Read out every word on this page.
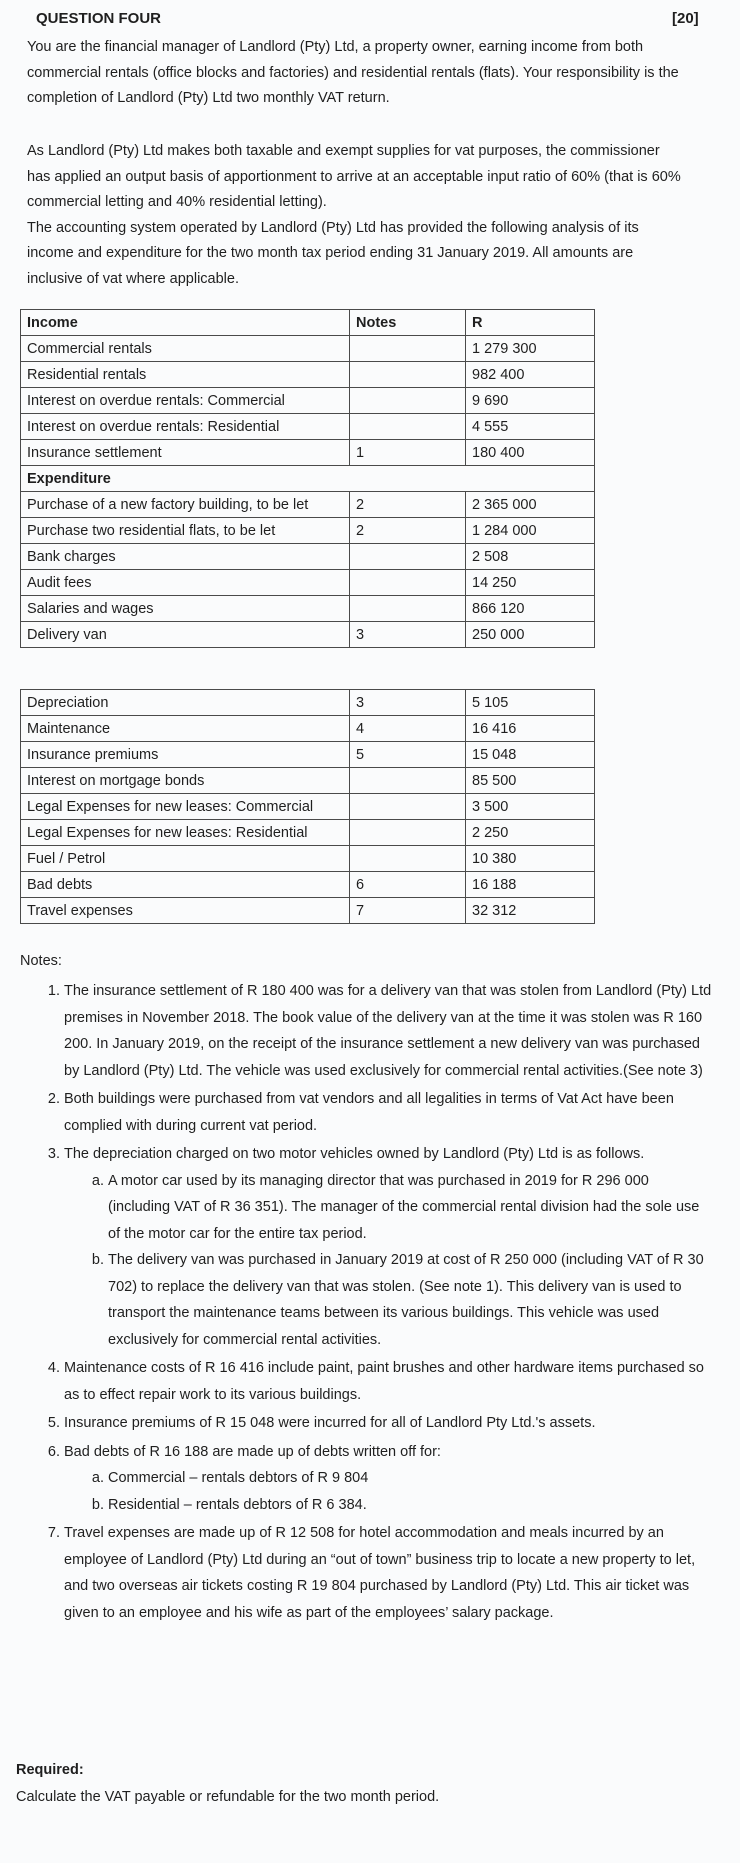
QUESTION FOUR	[20]
You are the financial manager of Landlord (Pty) Ltd, a property owner, earning income from both commercial rentals (office blocks and factories) and residential rentals (flats). Your responsibility is the completion of Landlord (Pty) Ltd two monthly VAT return.
As Landlord (Pty) Ltd makes both taxable and exempt supplies for vat purposes, the commissioner has applied an output basis of apportionment to arrive at an acceptable input ratio of 60% (that is 60% commercial letting and 40% residential letting).
The accounting system operated by Landlord (Pty) Ltd has provided the following analysis of its income and expenditure for the two month tax period ending 31 January 2019. All amounts are inclusive of vat where applicable.
Income	Notes	R
Commercial rentals		1 279 300
Residential rentals		982 400
Interest on overdue rentals: Commercial		9 690
Interest on overdue rentals: Residential		4 555
Insurance settlement	1	180 400
Expenditure		
Purchase of a new factory building, to be let	2	2 365 000
Purchase two residential flats, to be let	2	1 284 000
Bank charges		2 508
Audit fees		14 250
Salaries and wages		866 120
Delivery van	3	250 000
Depreciation	3	5 105
Maintenance	4	16 416
Insurance premiums	5	15 048
Interest on mortgage bonds		85 500
Legal Expenses for new leases: Commercial		3 500
Legal Expenses for new leases: Residential		2 250
Fuel / Petrol		10 380
Bad debts	6	16 188
Travel expenses	7	32 312
Notes:
1. The insurance settlement of R 180 400 was for a delivery van that was stolen from Landlord (Pty) Ltd premises in November 2018. The book value of the delivery van at the time it was stolen was R 160 200. In January 2019, on the receipt of the insurance settlement a new delivery van was purchased by Landlord (Pty) Ltd. The vehicle was used exclusively for commercial rental activities.(See note 3)
2. Both buildings were purchased from vat vendors and all legalities in terms of Vat Act have been complied with during current vat period.
3. The depreciation charged on two motor vehicles owned by Landlord (Pty) Ltd is as follows.
a. A motor car used by its managing director that was purchased in 2019 for R 296 000 (including VAT of R 36 351). The manager of the commercial rental division had the sole use of the motor car for the entire tax period.
b. The delivery van was purchased in January 2019 at cost of R 250 000 (including VAT of R 30 702) to replace the delivery van that was stolen. (See note 1). This delivery van is used to transport the maintenance teams between its various buildings. This vehicle was used exclusively for commercial rental activities.
4. Maintenance costs of R 16 416 include paint, paint brushes and other hardware items purchased so as to effect repair work to its various buildings.
5. Insurance premiums of R 15 048 were incurred for all of Landlord Pty Ltd.'s assets.
6. Bad debts of R 16 188 are made up of debts written off for:
a. Commercial – rentals debtors of R 9 804
b. Residential – rentals debtors of R 6 384.
7. Travel expenses are made up of R 12 508 for hotel accommodation and meals incurred by an employee of Landlord (Pty) Ltd during an “out of town” business trip to locate a new property to let, and two overseas air tickets costing R 19 804 purchased by Landlord (Pty) Ltd. This air ticket was given to an employee and his wife as part of the employees’ salary package.
Required:
Calculate the VAT payable or refundable for the two month period.
